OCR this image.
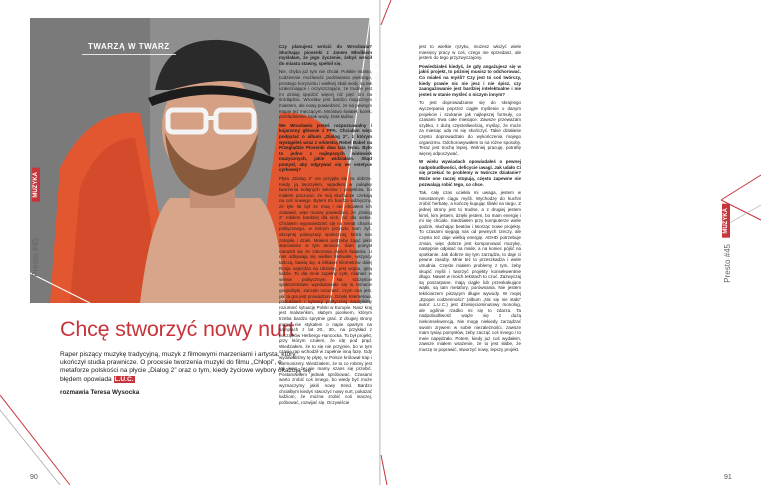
TWARZĄ W TWARZ
fot. Kamil Kopański
MUZYKA
Presto #45
Chcę stworzyć nowy nurt
Raper piszący muzykę tradycyjną, muzyk z filmowymi marzeniami i artysta, który ukończył studia prawnicze. O procesie tworzenia muzyki do filmu „Chłopi”, o metaforze polskości na płycie „Dialog 2” oraz o tym, kiedy życiowe wybory okazują się błędem opowiada L.U.C.
rozmawia Teresa Wysocka

Czy planujesz wrócić do Wrocławia? Słuchając piosenki z Janem Młodkiem myślałam, że jego życzenie, żebyś wrócił do miasta stawny, spełnił się.

Nie, chyba już tym nie chciał. Polskie miasto, codziennie możliwość podziwiania pięknego, prostego horyzontu i wielkiej skali wody są tak uzależniające i oczyszczające, że trudne jest mi dzisiaj spędzić więcej niż pięć dni na śródlądziu. Wrocław jest bardzo magicznym miastem, ale nowy powiedzieć, że na pewnym etapie też męczącym. Mnóstwo świateł, korek, przeludnienie, brak wody, brak ładów.

We Wrocławiu jesteś rozpoznawalny i kojarzony głównie z PPA. Chciałam więc podpytać o album „Dialog 2”, z którym wystąpiłeś wraz z orkiestrą Rebel Babel na Przeglądzie Piosenki dwa lata temu. Było to jedno z najlepszych widowisk muzycznych, jakie widziałam. Skąd pomysł, aby odgrywać się we estetyce cyrkowej?

Płyta „Dialog 2” nie przyjęła się za dobrze. Kiedy ją tworzyłem, wpadłem w pułapkę tworzenia kolejnych tekstów i projektów, bo miałem poczucie, że mój słuchacze czekają na coś nowego. Bytem tm bardzo wdzięczny, że tyle lat był ze mną i nie chciałem ich zostawić, więc muszę powiedzieć, że „Dialog 2” robiłem bardziej dla nich, niż dla siebie. Chciałem wypowiedzieć się na temat chaosu politycznego, w którym przyszło nam żyć, okropnej polaryzacji społecznej, która nas zatopiła i dzieli. Miałem potrzebę zająć jakiś stanowisko w tym temacie. Sam pomysł narodził się ze zderzenia dwóch światów. U nas odbywają się wielkie festiwale, wszyscy tańczą, bawią się, a kilkaset kilometrów dalej Rosja najeżdża na Ukrainę, jest wojna, giną ludzie. To dla mnie zupełny cyrk, również w sensie politycznym. Na szczęście społeczeństwo wyedukowało się w temacie geopolityki, zaczęło rozumieć, czym ona jest, jak ta gra jest prowadzona. Dzięki Internetowi, podcastom i sytuacji politycznej zaczęliśmy rozumieć sytuację Polski w Europie. Nasz kraj jest maluteńkim, słabym pionkiem, którym trzeba bardzo sprytnie grać. Z drugiej strony mamy nie stykalem o napie opartym na samplach z lat 20., 30., na przykład z początków Herbergo Hancocka. To był projekt, przy którym czułem, że idę pod prąd. Wiedziałem, że to się nie przyjmie, bo w tym czasie rap wchodził w zupełnie inną fazę. Gdy wydawaliśmy tę płytę, w Polsce królował trap i harmonizery. Wiedziałem, że to co robimy jest tak inne, że nie mamy szans się przebić. Postanowiłem jednak spróbować. Czasami warto zrobić coś innego, bo wiedy być może wyznaczymy jakiś nowy trend. Bardzo chciałbym kiedyś stworzyć nowy nurt, pokazać ludziom, że można zrobić coś inaczej, próbować, rozwijać się. Oczywiście

90

jest to wielkie ryzyko, możesz włożyć wiele miesięcy pracy w coś, czego nie sprzedasz, ale jestem do tego przyzwyczajony.

Powiedziałeś kiedyś, że gdy angażujesz się w jakiś projekt, to później musisz to odchorować. Co miałeś na myśli? Czy jest to coś twórczy, kiedy prawie nic nie jesz i nie śpisz, czy zaangażowanie jest bardziej intelektualne i nie jesteś w stanie myśleć o niczym innym?

To jest doprowadzanie się do skrajnego wyczerpania poprzez ciągłe myślenie o danym projekcie i szukanie jak najlepszej formuły, co czasami trwa całe miesiące. Zawsze przeważam szybko, z dużą częstotliwością, myśląc, że może za miesiąc uda mi się skończyć. Takie działanie często doprowadzało do wykończenia mojego organizmu. Odchorowywałem to na różne sposoby. Teraz jest trochę lepiej. Wolniej pracuję, potrafię więcej odpoczywać.

W wielu wywiadach opowiadałeś o pewnej nadpobudliwości, deficycie uwagi. Jak udało Ci się przekuć to problemy w twórcze działanie? Może one raczej stopują, często zapewne nie pozwalają robić tego, co chce.

Tak, cały czas uciekła mi uwaga, jestem w nieustannym ciągu myśli. Wychodzę do kuchni zrobić herbatę, a kończę kupując śliwki na targu. Z jednej strony jest to trudne, a z drugiej jestem kimś, kim jestem, dzięki jestem, bo mam energię i mi się chciało. Siedziałem przy komputerze wiele godzin, słuchając beatów i tworząc nowe projekty. To czasami sięgają nas od pewnych rzeczy, ale często też daje wielką energię. ADHD potrzebuje zmian, więc dobrze jest komponować muzykę, następnie odpisać na maile, a na koniec pójść na spotkanie. Jak dobrze się tym zarządza, to daje ci pewne zasoby. Mnie też to przeszkadza i wiele utrudnia. Często miałem problemy z tym, żeby skupić myśli i tworzyć projekty konsekwentnie długo. Nawet w moich tekstach to czuć. Zazwyczaj są poszarpane, mają ciągłe lub przeskakujące wątki, są tam metafory, porównania. Nie jestem tekściarzem piszącym długie wywody. W mojej „Epopei codzienności” (album „Nic się nie stało” autor: L.U.C.) jest dziesięciominutowy monolog, ale ogólnie rzadko mi się to zdarza. Ta nadpobudliwość wiąże się z dużą niekonsekwencją. Nie mogę niekiedy zarządzać swoim zrywem w sobie niezależności, zawsze mam tysiąc pomysłów, żeby zacząć coś innego i to mnie napędzało. Potem, kiedy już coś wydałem, zawsze miałem wrażenie, że to jest słabe, że muszę to poprawić, stworzyć nowy, lepszy projekt.

MUZYKA
Presto #45
91
